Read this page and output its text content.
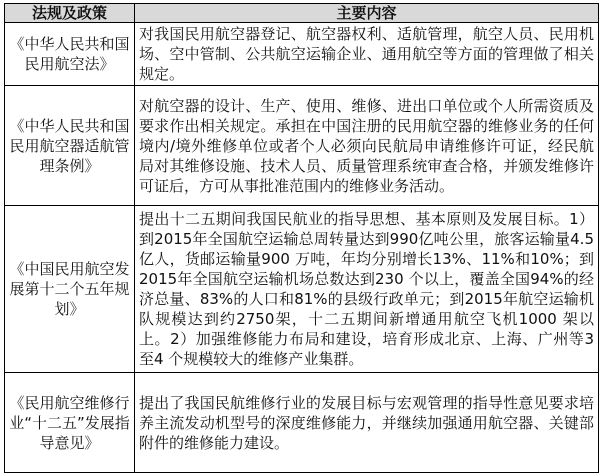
法规及政策	主要内容
《中华人民共和国民用航空法》	对我国民用航空器登记、航空器权利、适航管理，航空人员、民用机场、空中管制、公共航空运输企业、通用航空等方面的管理做了相关规定。
《中华人民共和国民用航空器适航管理条例》	对航空器的设计、生产、使用、维修、进出口单位或个人所需资质及要求作出相关规定。承担在中国注册的民用航空器的维修业务的任何境内/境外维修单位或者个人必须向民航局申请维修许可证，经民航局对其维修设施、技术人员、质量管理系统审查合格，并颁发维修许可证后，方可从事批准范围内的维修业务活动。
《中国民用航空发展第十二个五年规划》	提出十二五期间我国民航业的指导思想、基本原则及发展目标。1）到2015年全国航空运输总周转量达到990亿吨公里，旅客运输量4.5 亿人，货邮运输量900 万吨，年均分别增长13%、11%和10%；到2015年全国航空运输机场总数达到230 个以上，覆盖全国94%的经济总量、83%的人口和81%的县级行政单元；到2015年航空运输机队规模达到约2750架，十二五期间新增通用航空飞机1000 架以上。2）加强维修能力布局和建设，培育形成北京、上海、广州等3 至4 个规模较大的维修产业集群。
《民用航空维修行业“十二五”发展指导意见》	提出了我国民航维修行业的发展目标与宏观管理的指导性意见要求培养主流发动机型号的深度维修能力，并继续加强通用航空器、关键部附件的维修能力建设。
